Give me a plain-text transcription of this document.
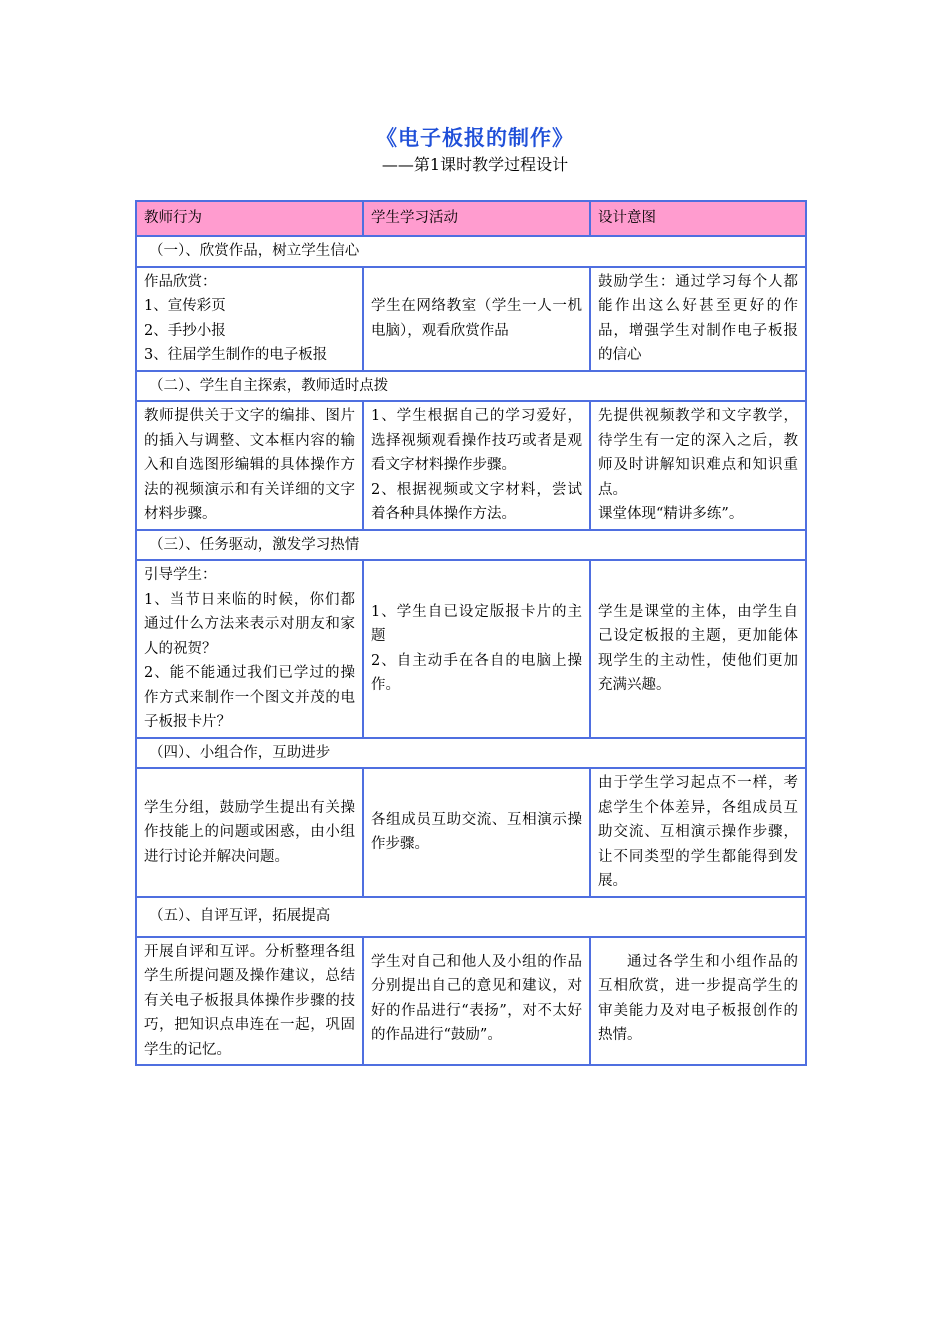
《电子板报的制作》
——第1课时教学过程设计
教师行为	学生学习活动	设计意图
（一）、欣赏作品，树立学生信心		

作品欣赏：
1、宣传彩页
2、手抄小报
3、往届学生制作的电子板报	学生在网络教室（学生一人一机电脑），观看欣赏作品	鼓励学生：通过学习每个人都能作出这么好甚至更好的作品，增强学生对制作电子板报的信心

（二）、学生自主探索，教师适时点拨		

教师提供关于文字的编排、图片的插入与调整、文本框内容的输入和自选图形编辑的具体操作方法的视频演示和有关详细的文字材料步骤。	1、学生根据自己的学习爱好，选择视频观看操作技巧或者是观看文字材料操作步骤。
2、根据视频或文字材料，尝试着各种具体操作方法。	先提供视频教学和文字教学，待学生有一定的深入之后，教师及时讲解知识难点和知识重点。
课堂体现“精讲多练”。

（三）、任务驱动，激发学习热情		

引导学生：
1、当节日来临的时候，你们都通过什么方法来表示对朋友和家人的祝贺？
2、能不能通过我们已学过的操作方式来制作一个图文并茂的电子板报卡片？	1、学生自已设定版报卡片的主题
2、自主动手在各自的电脑上操作。	学生是课堂的主体，由学生自己设定板报的主题，更加能体现学生的主动性，使他们更加充满兴趣。

（四）、小组合作，互助进步		

学生分组，鼓励学生提出有关操作技能上的问题或困惑，由小组进行讨论并解决问题。	各组成员互助交流、互相演示操作步骤。	由于学生学习起点不一样，考虑学生个体差异，各组成员互助交流、互相演示操作步骤，让不同类型的学生都能得到发展。

（五）、自评互评，拓展提高		

开展自评和互评。分析整理各组学生所提问题及操作建议，总结有关电子板报具体操作步骤的技巧，把知识点串连在一起，巩固学生的记忆。	学生对自己和他人及小组的作品分别提出自己的意见和建议，对好的作品进行“表扬”，对不太好的作品进行“鼓励”。	通过各学生和小组作品的互相欣赏，进一步提高学生的审美能力及对电子板报创作的热情。
